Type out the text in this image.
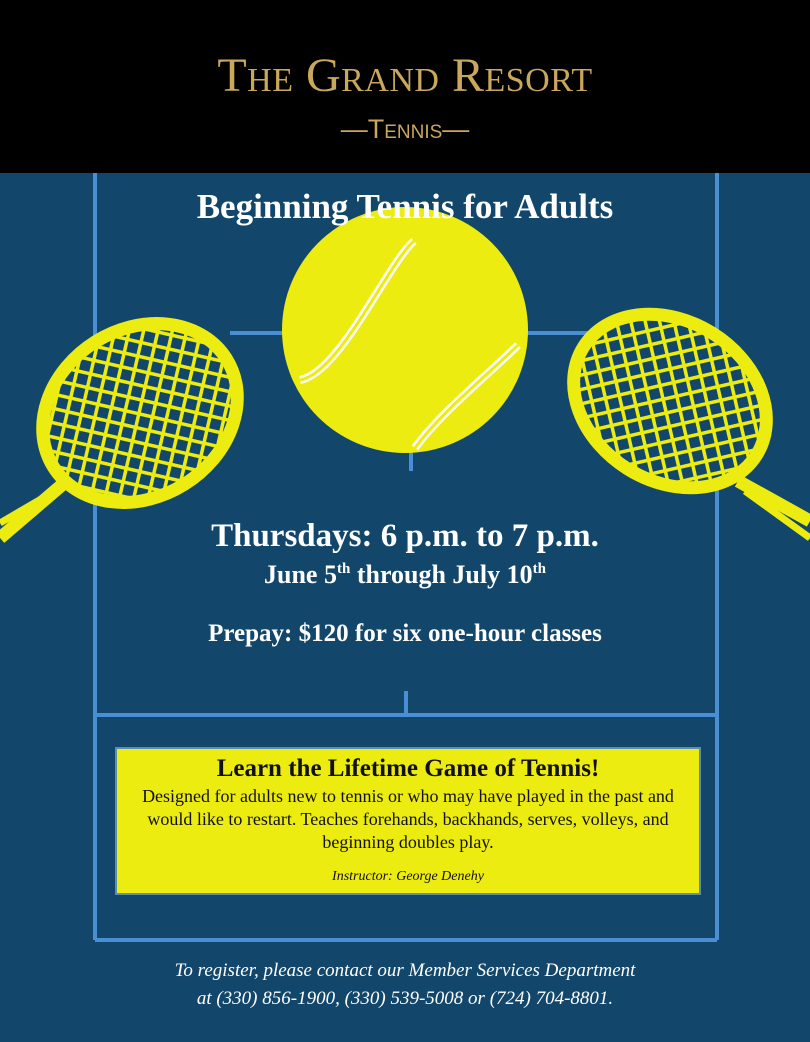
The Grand Resort
—Tennis—
Beginning Tennis for Adults
Thursdays: 6 p.m. to 7 p.m.
June 5th through July 10th
Prepay: $120 for six one-hour classes
Learn the Lifetime Game of Tennis!
Designed for adults new to tennis or who may have played in the past and would like to restart. Teaches forehands, backhands, serves, volleys, and beginning doubles play.
Instructor: George Denehy
To register, please contact our Member Services Department
at (330) 856-1900, (330) 539-5008 or (724) 704-8801.
